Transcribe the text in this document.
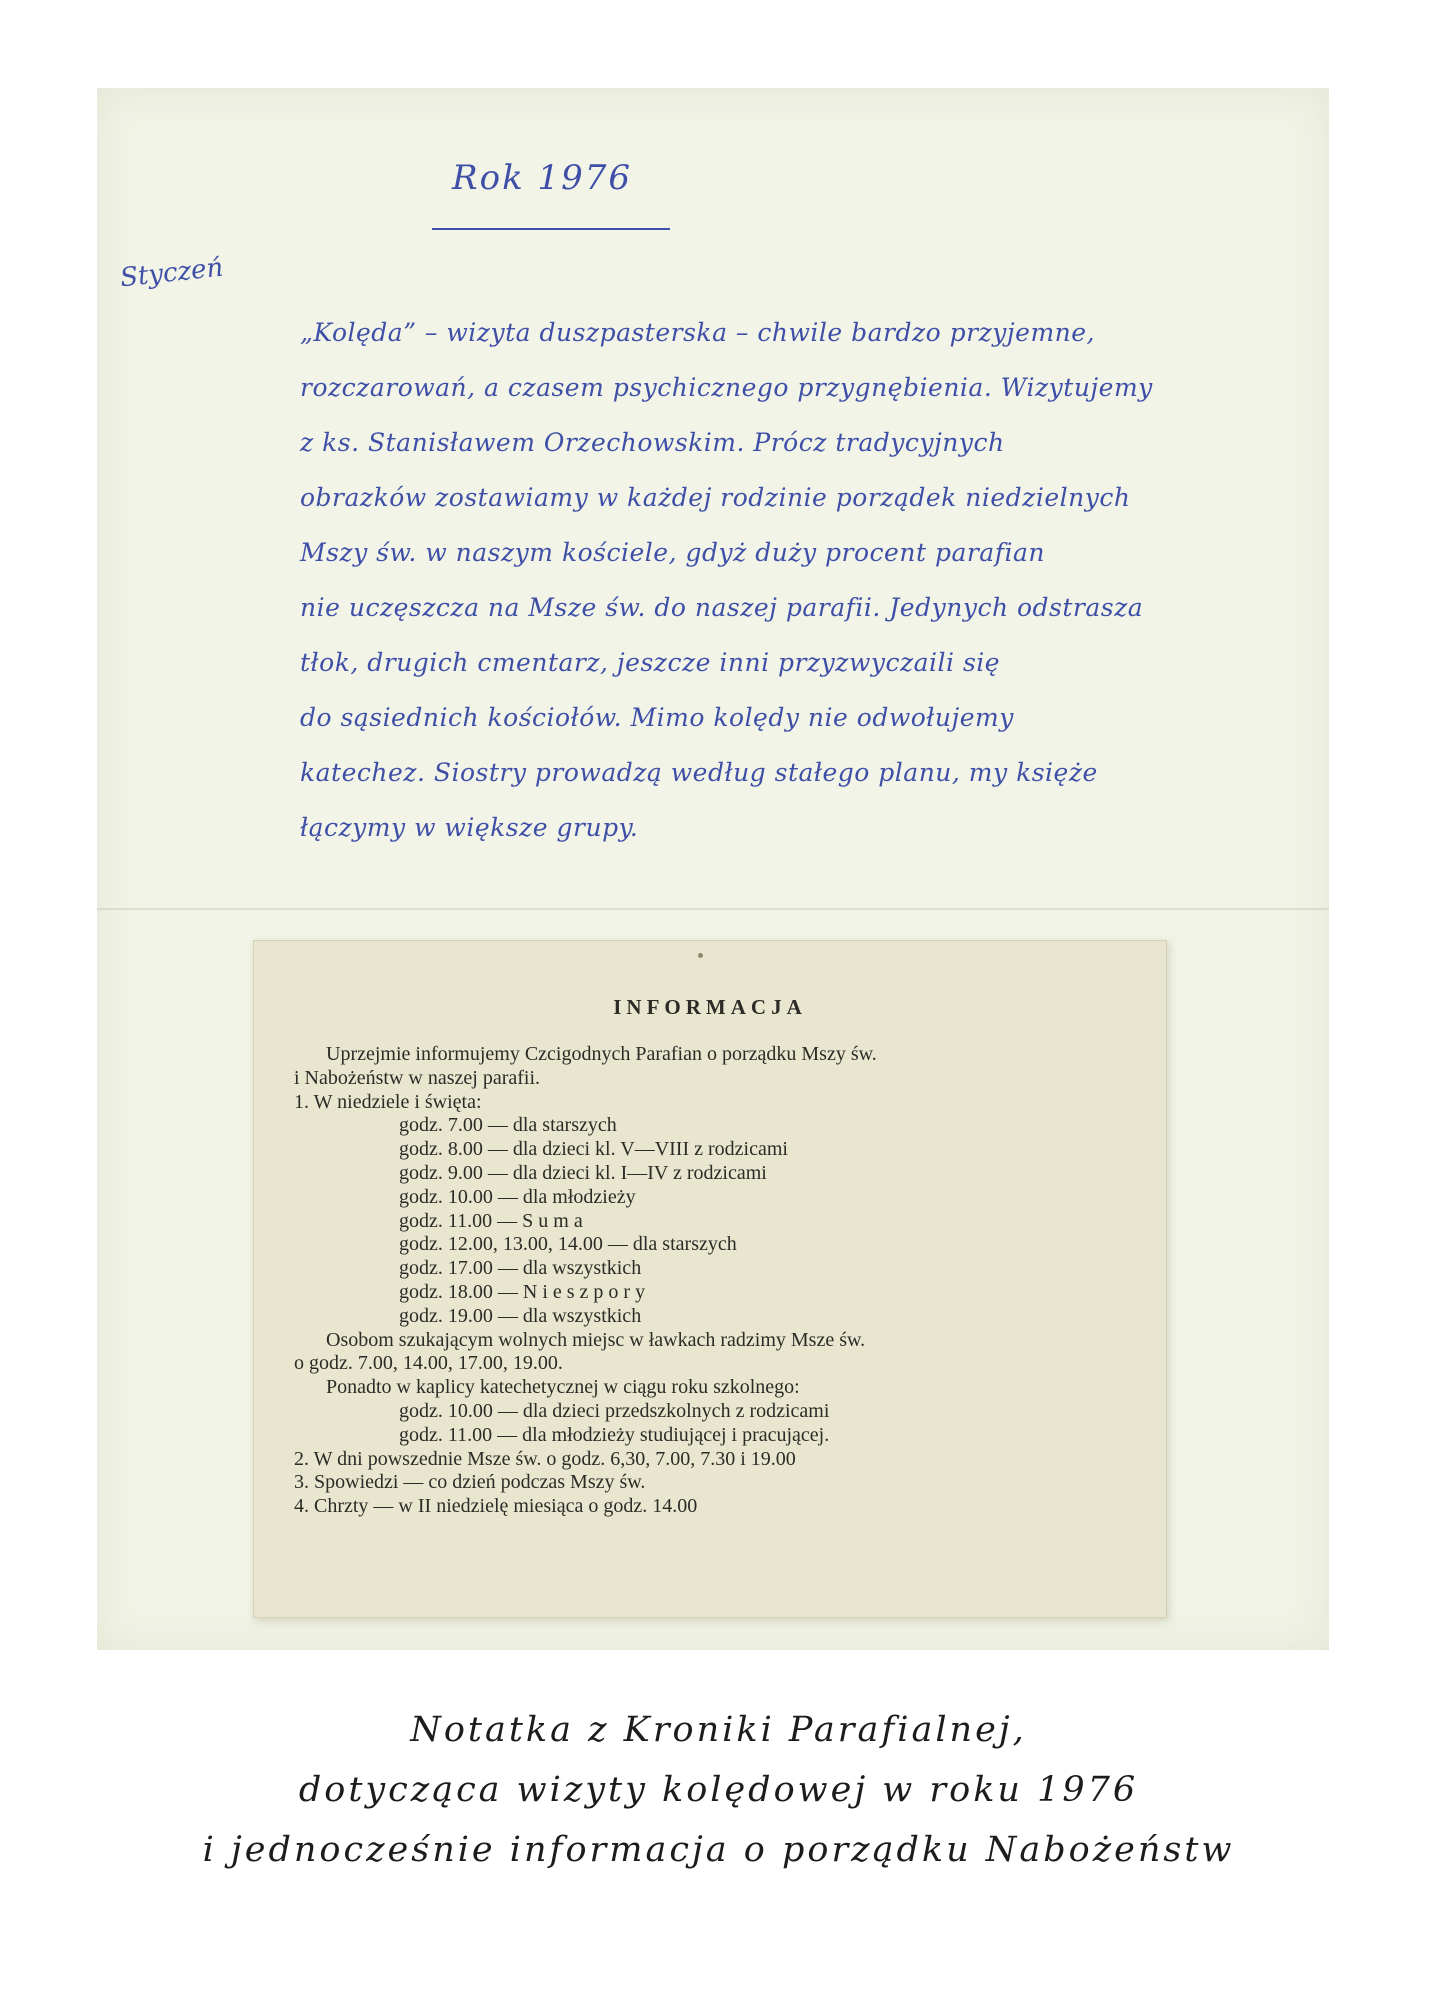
Rok 1976
Styczeń
„Kolęda” – wizyta duszpasterska – chwile bardzo przyjemne,
rozczarowań, a czasem psychicznego przygnębienia. Wizytujemy
z ks. Stanisławem Orzechowskim. Prócz tradycyjnych
obrazków zostawiamy w każdej rodzinie porządek niedzielnych
Mszy św. w naszym kościele, gdyż duży procent parafian
nie uczęszcza na Msze św. do naszej parafii. Jedynych odstrasza
tłok, drugich cmentarz, jeszcze inni przyzwyczaili się
do sąsiednich kościołów. Mimo kolędy nie odwołujemy
katechez. Siostry prowadzą według stałego planu, my księże
łączymy w większe grupy.
INFORMACJA
Uprzejmie informujemy Czcigodnych Parafian o porządku Mszy św.
i Nabożeństw w naszej parafii.
1. W niedziele i święta:
godz. 7.00 — dla starszych
godz. 8.00 — dla dzieci kl. V—VIII z rodzicami
godz. 9.00 — dla dzieci kl. I—IV z rodzicami
godz. 10.00 — dla młodzieży
godz. 11.00 — S u m a
godz. 12.00, 13.00, 14.00 — dla starszych
godz. 17.00 — dla wszystkich
godz. 18.00 — N i e s z p o r y
godz. 19.00 — dla wszystkich
Osobom szukającym wolnych miejsc w ławkach radzimy Msze św.
o godz. 7.00, 14.00, 17.00, 19.00.
Ponadto w kaplicy katechetycznej w ciągu roku szkolnego:
godz. 10.00 — dla dzieci przedszkolnych z rodzicami
godz. 11.00 — dla młodzieży studiującej i pracującej.
2. W dni powszednie Msze św. o godz. 6,30, 7.00, 7.30 i 19.00
3. Spowiedzi — co dzień podczas Mszy św.
4. Chrzty — w II niedzielę miesiąca o godz. 14.00
Notatka z Kroniki Parafialnej,
dotycząca wizyty kolędowej w roku 1976
i jednocześnie informacja o porządku Nabożeństw
